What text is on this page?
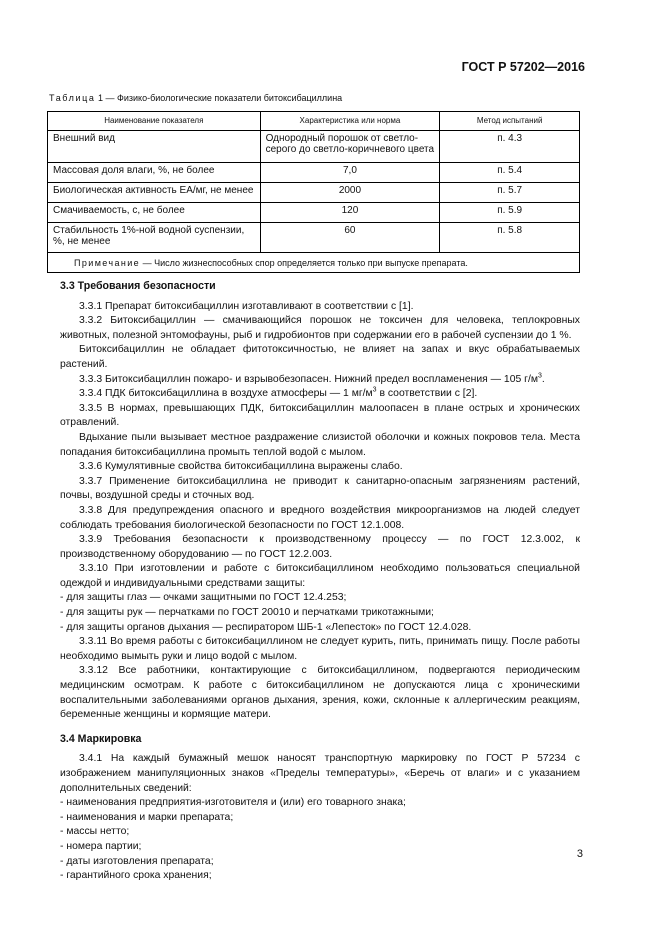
ГОСТ Р 57202—2016
Таблица 1 — Физико-биологические показатели битоксибациллина
Наименование показателя	Характеристика или норма	Метод испытаний
Внешний вид	Однородный порошок от светло-серого до светло-коричневого цвета	п. 4.3
Массовая доля влаги, %, не более	7,0	п. 5.4
Биологическая активность ЕА/мг, не менее	2000	п. 5.7
Смачиваемость, с, не более	120	п. 5.9
Стабильность 1%-ной водной суспензии, %, не менее	60	п. 5.8
Примечание — Число жизнеспособных спор определяется только при выпуске препарата.		
3.3 Требования безопасности

3.3.1 Препарат битоксибациллин изготавливают в соответствии с [1].

3.3.2 Битоксибациллин — смачивающийся порошок не токсичен для человека, теплокровных животных, полезной энтомофауны, рыб и гидробионтов при содержании его в рабочей суспензии до 1 %.

Битоксибациллин не обладает фитотоксичностью, не влияет на запах и вкус обрабатываемых растений.

3.3.3 Битоксибациллин пожаро- и взрывобезопасен. Нижний предел воспламенения — 105 $г/м^3$.

3.3.4 ПДК битоксибациллина в воздухе атмосферы — 1 $мг/м^3$ в соответствии с [2].

3.3.5 В нормах, превышающих ПДК, битоксибациллин малоопасен в плане острых и хронических отравлений.

Вдыхание пыли вызывает местное раздражение слизистой оболочки и кожных покровов тела. Места попадания битоксибациллина промыть теплой водой с мылом.

3.3.6 Кумулятивные свойства битоксибациллина выражены слабо.

3.3.7 Применение битоксибациллина не приводит к санитарно-опасным загрязнениям растений, почвы, воздушной среды и сточных вод.

3.3.8 Для предупреждения опасного и вредного воздействия микроорганизмов на людей следует соблюдать требования биологической безопасности по ГОСТ 12.1.008.

3.3.9 Требования безопасности к производственному процессу — по ГОСТ 12.3.002, к производственному оборудованию — по ГОСТ 12.2.003.

3.3.10 При изготовлении и работе с битоксибациллином необходимо пользоваться специальной одеждой и индивидуальными средствами защиты:

- для защиты глаз — очками защитными по ГОСТ 12.4.253;

- для защиты рук — перчатками по ГОСТ 20010 и перчатками трикотажными;

- для защиты органов дыхания — респиратором ШБ-1 «Лепесток» по ГОСТ 12.4.028.

3.3.11 Во время работы с битоксибациллином не следует курить, пить, принимать пищу. После работы необходимо вымыть руки и лицо водой с мылом.

3.3.12 Все работники, контактирующие с битоксибациллином, подвергаются периодическим медицинским осмотрам. К работе с битоксибациллином не допускаются лица с хроническими воспалительными заболеваниями органов дыхания, зрения, кожи, склонные к аллергическим реакциям, беременные женщины и кормящие матери.

3.4 Маркировка

3.4.1 На каждый бумажный мешок наносят транспортную маркировку по ГОСТ Р 57234 с изображением манипуляционных знаков «Пределы температуры», «Беречь от влаги» и с указанием дополнительных сведений:

- наименования предприятия-изготовителя и (или) его товарного знака;

- наименования и марки препарата;

- массы нетто;

- номера партии;

- даты изготовления препарата;

- гарантийного срока хранения;

3
